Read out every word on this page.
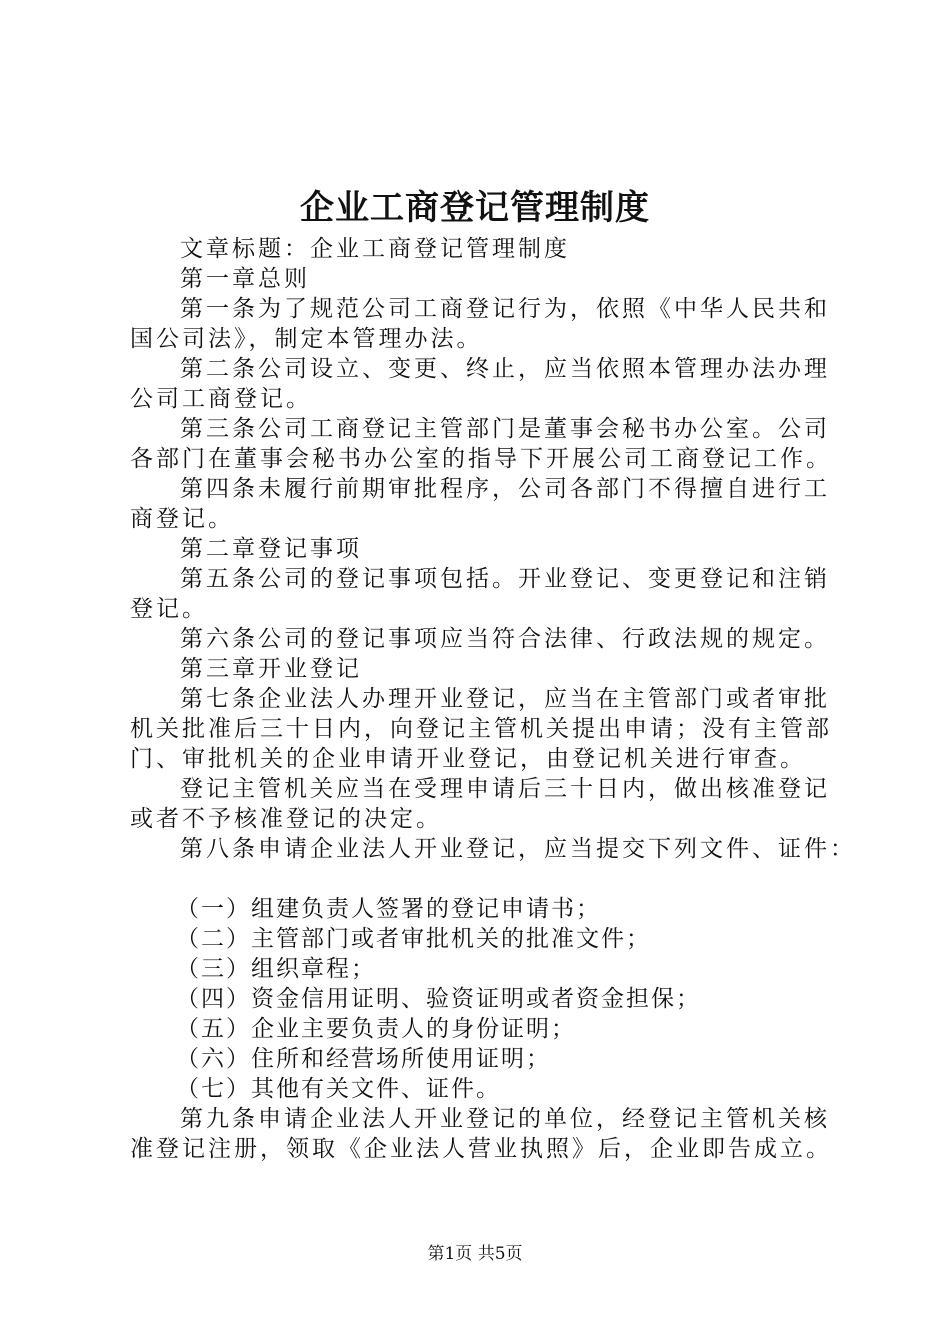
企业工商登记管理制度

文章标题：企业工商登记管理制度

第一章总则

第一条为了规范公司工商登记行为，依照《中华人民共和国公司法》，制定本管理办法。

第二条公司设立、变更、终止，应当依照本管理办法办理公司工商登记。

第三条公司工商登记主管部门是董事会秘书办公室。公司各部门在董事会秘书办公室的指导下开展公司工商登记工作。

第四条未履行前期审批程序，公司各部门不得擅自进行工商登记。

第二章登记事项

第五条公司的登记事项包括。开业登记、变更登记和注销登记。

第六条公司的登记事项应当符合法律、行政法规的规定。

第三章开业登记

第七条企业法人办理开业登记，应当在主管部门或者审批机关批准后三十日内，向登记主管机关提出申请；没有主管部门、审批机关的企业申请开业登记，由登记机关进行审查。

登记主管机关应当在受理申请后三十日内，做出核准登记或者不予核准登记的决定。

第八条申请企业法人开业登记，应当提交下列文件、证件：

（一）组建负责人签署的登记申请书；

（二）主管部门或者审批机关的批准文件；

（三）组织章程；

（四）资金信用证明、验资证明或者资金担保；

（五）企业主要负责人的身份证明；

（六）住所和经营场所使用证明；

（七）其他有关文件、证件。

第九条申请企业法人开业登记的单位，经登记主管机关核准登记注册，领取《企业法人营业执照》后，企业即告成立。

第1页 共5页
